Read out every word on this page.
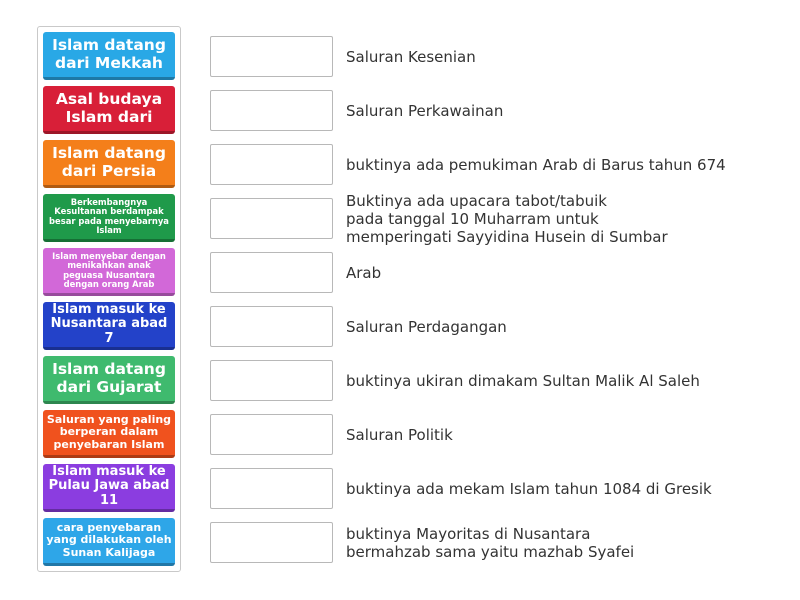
Islam datang dari Mekkah
Asal budaya Islam dari
Islam datang dari Persia
Berkembangnya Kesultanan berdampak besar pada menyebarnya Islam
Islam menyebar dengan menikahkan anak peguasa Nusantara dengan orang Arab
Islam masuk ke Nusantara abad 7
Islam datang dari Gujarat
Saluran yang paling berperan dalam penyebaran Islam
Islam masuk ke Pulau Jawa abad 11
cara penyebaran yang dilakukan oleh Sunan Kalijaga
Saluran Kesenian
Saluran Perkawainan
buktinya ada pemukiman Arab di Barus tahun 674
Buktinya ada upacara tabot/tabuik
pada tanggal 10 Muharram untuk
memperingati Sayyidina Husein di Sumbar
Arab
Saluran Perdagangan
buktinya ukiran dimakam Sultan Malik Al Saleh
Saluran Politik
buktinya ada mekam Islam tahun 1084 di Gresik
buktinya Mayoritas di Nusantara
bermahzab sama yaitu mazhab Syafei
